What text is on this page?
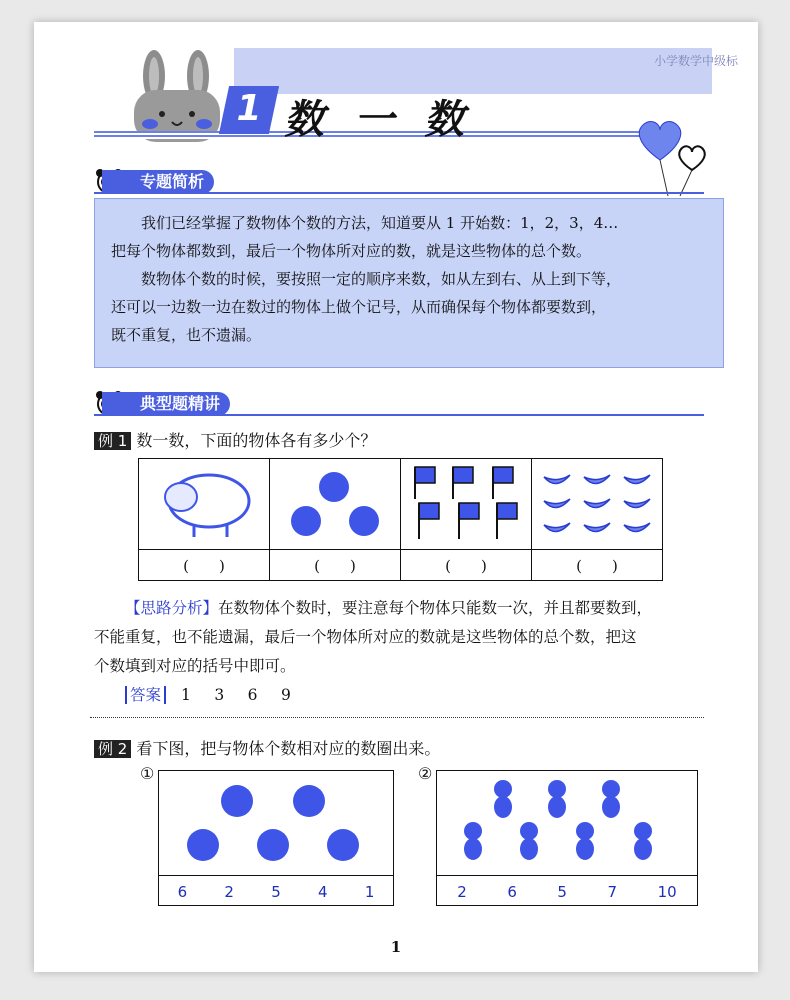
小学数学中级标
1 数一数
专题简析

我们已经掌握了数物体个数的方法，知道要从 1 开始数：1，2，3，4…

把每个物体都数到，最后一个物体所对应的数，就是这些物体的总个数。

数物体个数的时候，要按照一定的顺序来数，如从左到右、从上到下等，

还可以一边数一边在数过的物体上做个记号，从而确保每个物体都要数到，

既不重复，也不遗漏。

典型题精讲
例 1 数一数，下面的物体各有多少个？

(　　)	(　　)	(　　)	(　　)

【思路分析】在数物体个数时，要注意每个物体只能数一次，并且都要数到，

不能重复，也不能遗漏，最后一个物体所对应的数就是这些物体的总个数，把这

个数填到对应的括号中即可。

答案 1　3　6　9

例 2 看下图，把与物体个数相对应的数圈出来。
①
6 2 5 4 1
②
2	6	5	7	10
1
